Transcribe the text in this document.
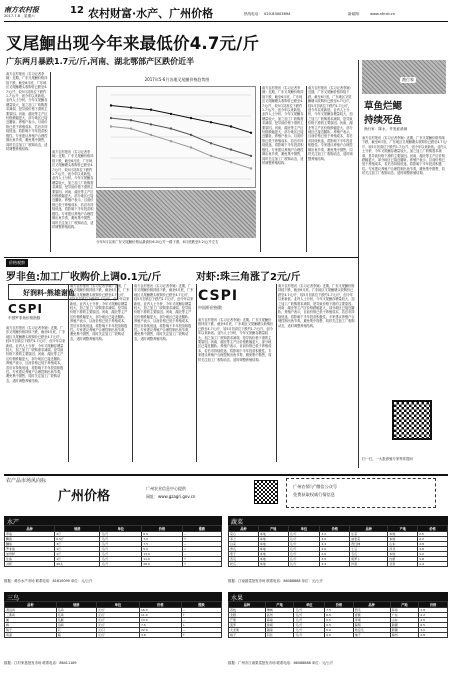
南方农村报
2017.7.8 星期六	12 农村财富·水产、广州价格	热线电话： 020-83003694	新闻网： www.nfncb.cn
叉尾鮰出现今年来最低价4.7元/斤
广东两月暴跌1.7元/斤,河南、湖北鄂部产区跌价近半
南方农村报讯（实习记者李婉）近期，广东叉尾鮰价格持续下跌，截至6月底，广东地区叉尾鮰塘头收购价已跌至4.7元/斤，较5月初高位下跌约1.7元/斤，创今年以来新低。业内人士分析，今年叉尾鮰存塘量较大，加之加工厂收购需求减弱，是导致价格下滑的主要原因。河南、湖北等主产区价格跌幅更大，部分地区已接近腰斩。养殖户表示，目前价格已低于养殖成本，若后市持续低迷，将影响下半年投苗积极性。专家建议养殖户合理控制出鱼节奏，避免集中抛售，同时关注加工厂收购动态，适时调整养殖结构。
南方农村报讯（实习记者李婉）近期，广东叉尾鮰价格持续下跌，截至6月底，广东地区叉尾鮰塘头收购价已跌至4.7元/斤，较5月初高位下跌约1.7元/斤，创今年以来新低。业内人士分析，今年叉尾鮰存塘量较大，加之加工厂收购需求减弱，是导致价格下滑的主要原因。河南、湖北等主产区价格跌幅更大，部分地区已接近腰斩。养殖户表示，目前价格已低于养殖成本，若后市持续低迷，将影响下半年投苗积极性。专家建议养殖户合理控制出鱼节奏，避免集中抛售，同时关注加工厂收购动态，适时调整养殖结构。
2017年5-6月各地叉尾鮰价格趋势图
今年5月以来广东叉尾鮰价格从最高价6.0元/斤一路下滑，6月底跌至5.2元/斤左右
南方农村报讯（实习记者李婉）近期，广东叉尾鮰价格持续下跌，截至6月底，广东地区叉尾鮰塘头收购价已跌至4.7元/斤，较5月初高位下跌约1.7元/斤，创今年以来新低。业内人士分析，今年叉尾鮰存塘量较大，加之加工厂收购需求减弱，是导致价格下滑的主要原因。河南、湖北等主产区价格跌幅更大，部分地区已接近腰斩。养殖户表示，目前价格已低于养殖成本，若后市持续低迷，将影响下半年投苗积极性。专家建议养殖户合理控制出鱼节奏，避免集中抛售，同时关注加工厂收购动态，适时调整养殖结构。
南方农村报讯（实习记者李婉）近期，广东叉尾鮰价格持续下跌，截至6月底，广东地区叉尾鮰塘头收购价已跌至4.7元/斤，较5月初高位下跌约1.7元/斤，创今年以来新低。业内人士分析，今年叉尾鮰存塘量较大，加之加工厂收购需求减弱，是导致价格下滑的主要原因。河南、湖北等主产区价格跌幅更大，部分地区已接近腰斩。养殖户表示，目前价格已低于养殖成本，若后市持续低迷，将影响下半年投苗积极性。专家建议养殖户合理控制出鱼节奏，避免集中抛售，同时关注加工厂收购动态，适时调整养殖结构。
渔行家
草鱼烂鳃
持续死鱼
渔行家：陈水，并发症消减
南方农村报讯（实习记者李婉）近期，广东叉尾鮰价格持续下跌，截至6月底，广东地区叉尾鮰塘头收购价已跌至4.7元/斤，较5月初高位下跌约1.7元/斤，创今年以来新低。业内人士分析，今年叉尾鮰存塘量较大，加之加工厂收购需求减弱，是导致价格下滑的主要原因。河南、湖北等主产区价格跌幅更大，部分地区已接近腰斩。养殖户表示，目前价格已低于养殖成本，若后市持续低迷，将影响下半年投苗积极性。专家建议养殖户合理控制出鱼节奏，避免集中抛售，同时关注加工厂收购动态，适时调整养殖结构。
扫一扫，一大批养殖专家等你提问
价格观察
罗非鱼:加工厂收购价上调0.1元/斤	对虾:珠三角涨了2元/斤
好润料-熊雄谢鱼
CSPI
中国罗非鱼价格指数
南方农村报讯（实习记者李婉）近期，广东叉尾鮰价格持续下跌，截至6月底，广东地区叉尾鮰塘头收购价已跌至4.7元/斤，较5月初高位下跌约1.7元/斤，创今年以来新低。业内人士分析，今年叉尾鮰存塘量较大，加之加工厂收购需求减弱，是导致价格下滑的主要原因。河南、湖北等主产区价格跌幅更大，部分地区已接近腰斩。养殖户表示，目前价格已低于养殖成本，若后市持续低迷，将影响下半年投苗积极性。专家建议养殖户合理控制出鱼节奏，避免集中抛售，同时关注加工厂收购动态，适时调整养殖结构。
南方农村报讯（实习记者李婉）近期，广东叉尾鮰价格持续下跌，截至6月底，广东地区叉尾鮰塘头收购价已跌至4.7元/斤，较5月初高位下跌约1.7元/斤，创今年以来新低。业内人士分析，今年叉尾鮰存塘量较大，加之加工厂收购需求减弱，是导致价格下滑的主要原因。河南、湖北等主产区价格跌幅更大，部分地区已接近腰斩。养殖户表示，目前价格已低于养殖成本，若后市持续低迷，将影响下半年投苗积极性。专家建议养殖户合理控制出鱼节奏，避免集中抛售，同时关注加工厂收购动态，适时调整养殖结构。
南方农村报讯（实习记者李婉）近期，广东叉尾鮰价格持续下跌，截至6月底，广东地区叉尾鮰塘头收购价已跌至4.7元/斤，较5月初高位下跌约1.7元/斤，创今年以来新低。业内人士分析，今年叉尾鮰存塘量较大，加之加工厂收购需求减弱，是导致价格下滑的主要原因。河南、湖北等主产区价格跌幅更大，部分地区已接近腰斩。养殖户表示，目前价格已低于养殖成本，若后市持续低迷，将影响下半年投苗积极性。专家建议养殖户合理控制出鱼节奏，避免集中抛售，同时关注加工厂收购动态，适时调整养殖结构。
CSPI
中国虾价指数
南方农村报讯（实习记者李婉）近期，广东叉尾鮰价格持续下跌，截至6月底，广东地区叉尾鮰塘头收购价已跌至4.7元/斤，较5月初高位下跌约1.7元/斤，创今年以来新低。业内人士分析，今年叉尾鮰存塘量较大，加之加工厂收购需求减弱，是导致价格下滑的主要原因。河南、湖北等主产区价格跌幅更大，部分地区已接近腰斩。养殖户表示，目前价格已低于养殖成本，若后市持续低迷，将影响下半年投苗积极性。专家建议养殖户合理控制出鱼节奏，避免集中抛售，同时关注加工厂收购动态，适时调整养殖结构。
南方农村报讯（实习记者李婉）近期，广东叉尾鮰价格持续下跌，截至6月底，广东地区叉尾鮰塘头收购价已跌至4.7元/斤，较5月初高位下跌约1.7元/斤，创今年以来新低。业内人士分析，今年叉尾鮰存塘量较大，加之加工厂收购需求减弱，是导致价格下滑的主要原因。河南、湖北等主产区价格跌幅更大，部分地区已接近腰斩。养殖户表示，目前价格已低于养殖成本，若后市持续低迷，将影响下半年投苗积极性。专家建议养殖户合理控制出鱼节奏，避免集中抛售，同时关注加工厂收购动态，适时调整养殖结构。
农产品市场风向标
广州价格
广州农业信息中心提供
网址：www.gzagri.gov.cn
广州农情与“微信公众号
免费获取权威行情信息
水产
品种	规格	单位	价格	涨跌
草鱼	2斤	元/斤	6.5	—
鲫鱼	0.5斤	元/斤	7.0	↑
鳙鱼	3斤	元/斤	7.5	—
罗非鱼	1斤	元/斤	5.0	↓
加州鲈	1斤	元/斤	13.0	—
生鱼	1斤	元/斤	11.0	↑
对虾	40头	元/斤	28.0	↑
数据：黄沙水产市场 联系电话：81810099 单位：元/公斤
蔬菜
品种	产地	单位	价格	品种	产地	价格
菜心	本地	元/斤	3.2	生菜	本地	2.5
芥兰	本地	元/斤	3.0	油麦菜	本地	2.2
白菜	本地	元/斤	2.4	西红柿	山东	2.8
青瓜	本地	元/斤	2.0	土豆	河北	1.6
茄子	本地	元/斤	2.6	冬瓜	本地	1.2
苦瓜	本地	元/斤	3.5	胡萝卜	内蒙	1.8
丝瓜	本地	元/斤	3.4	洋葱	甘肃	1.4
数据：江南蔬菜批发市场 联系电话：86088888 单位：元/公斤
三鸟
品种	规格	单位	价格	涨跌
清远鸡	毛鸡	元/斤	16.0	—
三黄鸡	毛鸡	元/斤	11.0	↑
鹅	毛鹅	元/斤	13.0	—
鸭	毛鸭	元/斤	7.5	↓
鸽子	只	元/只	22.0	—
鸡蛋	箱	元/斤	3.6	↑
数据：江村家禽批发市场 联系电话：86411189
水果
品种	产地	单位	价格	品种	产地	价格
荔枝	增城	元/斤	7.5	西瓜	海南	1.8
龙眼	高州	元/斤	6.0	香蕉	广东	2.2
芒果	海南	元/斤	5.5	苹果	山东	4.5
菠萝	徐闻	元/斤	2.5	葡萄	新疆	6.5
火龙果	越南	元/斤	5.0	哈密瓜	新疆	3.0
桃子	河北	元/斤	4.0	柚子	梅州	2.8
数据：广州市江南果菜批发市场 联系电话：86088888 单位：元/公斤
